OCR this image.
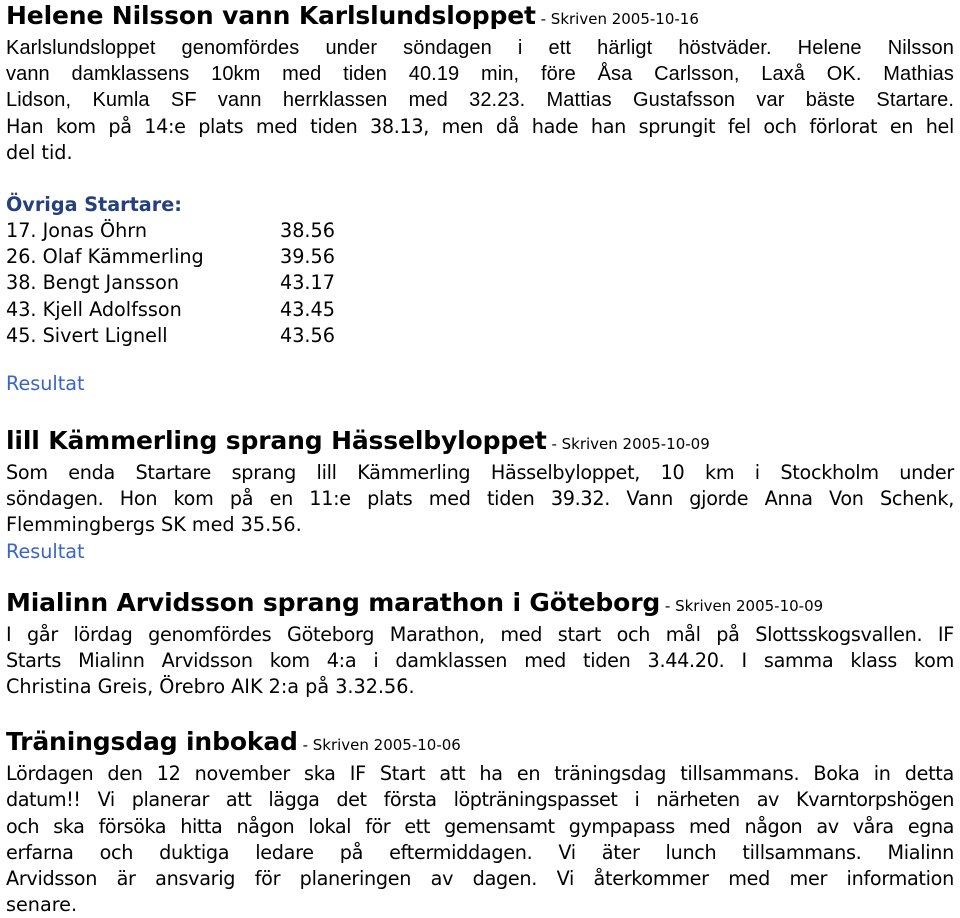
Helene Nilsson vann Karlslundsloppet - Skriven 2005-10-16
Karlslundsloppet genomfördes under söndagen i ett härligt höstväder. Helene Nilsson
vann damklassens 10km med tiden 40.19 min, före Åsa Carlsson, Laxå OK. Mathias
Lidson, Kumla SF vann herrklassen med 32.23. Mattias Gustafsson var bäste Startare.
Han kom på 14:e plats med tiden 38.13, men då hade han sprungit fel och förlorat en hel
del tid.
Övriga Startare:
17. Jonas Öhrn	38.56
26. Olaf Kämmerling	39.56
38. Bengt Jansson	43.17
43. Kjell Adolfsson	43.45
45. Sivert Lignell	43.56
Resultat
lill Kämmerling sprang Hässelbyloppet - Skriven 2005-10-09
Som enda Startare sprang lill Kämmerling Hässelbyloppet, 10 km i Stockholm under
söndagen. Hon kom på en 11:e plats med tiden 39.32. Vann gjorde Anna Von Schenk,
Flemmingbergs SK med 35.56.
Resultat
Mialinn Arvidsson sprang marathon i Göteborg - Skriven 2005-10-09
I går lördag genomfördes Göteborg Marathon, med start och mål på Slottsskogsvallen. IF
Starts Mialinn Arvidsson kom 4:a i damklassen med tiden 3.44.20. I samma klass kom
Christina Greis, Örebro AIK 2:a på 3.32.56.
Träningsdag inbokad - Skriven 2005-10-06
Lördagen den 12 november ska IF Start att ha en träningsdag tillsammans. Boka in detta
datum!! Vi planerar att lägga det första löpträningspasset i närheten av Kvarntorpshögen
och ska försöka hitta någon lokal för ett gemensamt gympapass med någon av våra egna
erfarna och duktiga ledare på eftermiddagen. Vi äter lunch tillsammans. Mialinn
Arvidsson är ansvarig för planeringen av dagen. Vi återkommer med mer information
senare.
